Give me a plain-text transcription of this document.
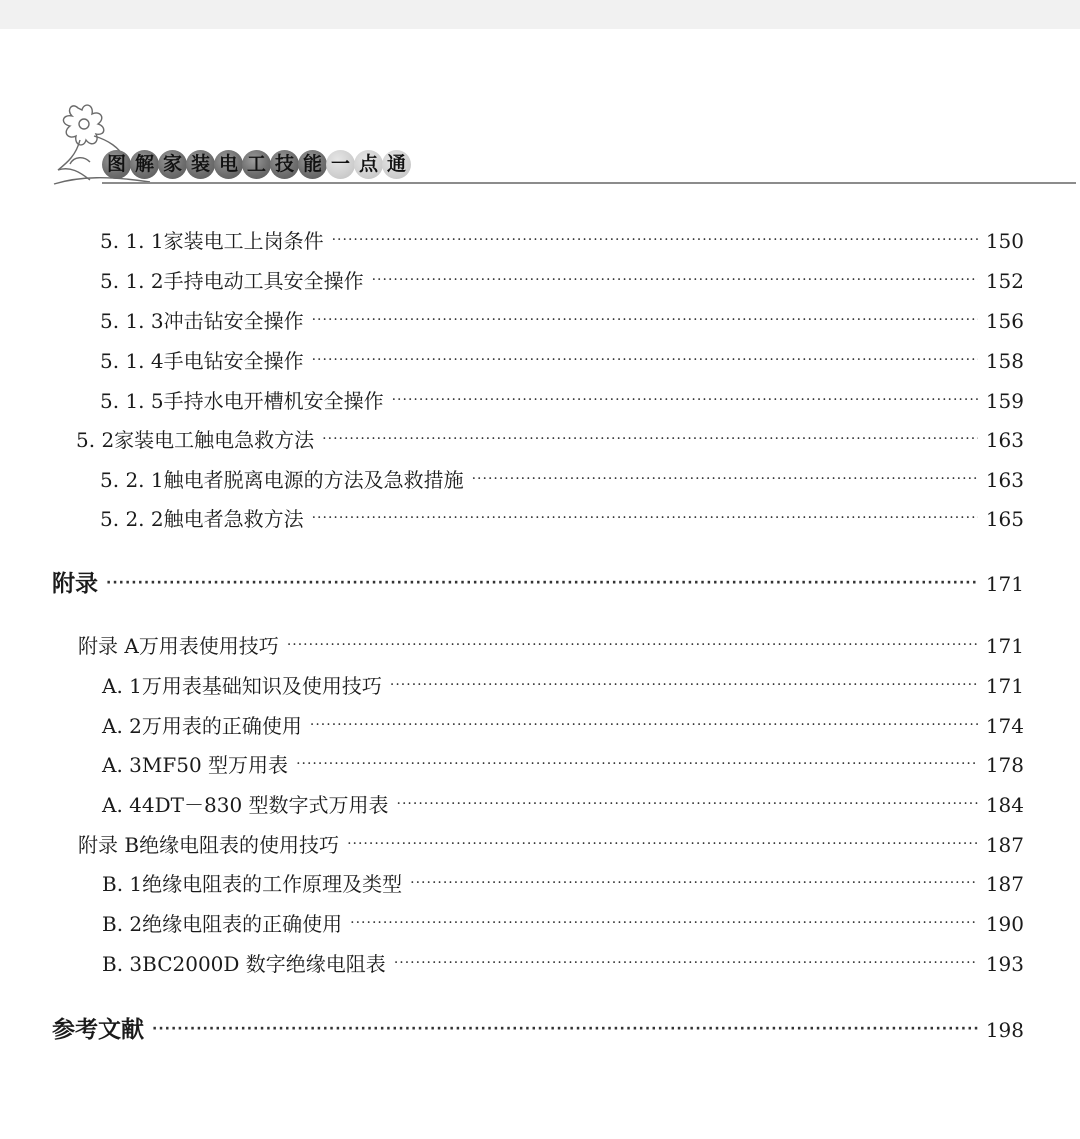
图 解 家 装 电 工 技 能 一 点 通
5. 1. 1 家装电工上岗条件 ·····	150
5. 1. 2 手持电动工具安全操作 ·····	152
5. 1. 3 冲击钻安全操作 ·····	156
5. 1. 4 手电钻安全操作 ·····	158
5. 1. 5 手持水电开槽机安全操作 ·····	159
5. 2 家装电工触电急救方法 ·····	163
5. 2. 1 触电者脱离电源的方法及急救措施 ·····	163
5. 2. 2 触电者急救方法 ·····	165
附录 ·····	171
附录 A 万用表使用技巧 ·····	171
A. 1 万用表基础知识及使用技巧 ·····	171
A. 2 万用表的正确使用 ·····	174
A. 3 MF50 型万用表 ·····	178
A. 4 4DT－830 型数字式万用表 ·····	184
附录 B 绝缘电阻表的使用技巧 ·····	187
B. 1 绝缘电阻表的工作原理及类型 ·····	187
B. 2 绝缘电阻表的正确使用 ·····	190
B. 3 BC2000D 数字绝缘电阻表 ·····	193
参考文献 ·····	198
